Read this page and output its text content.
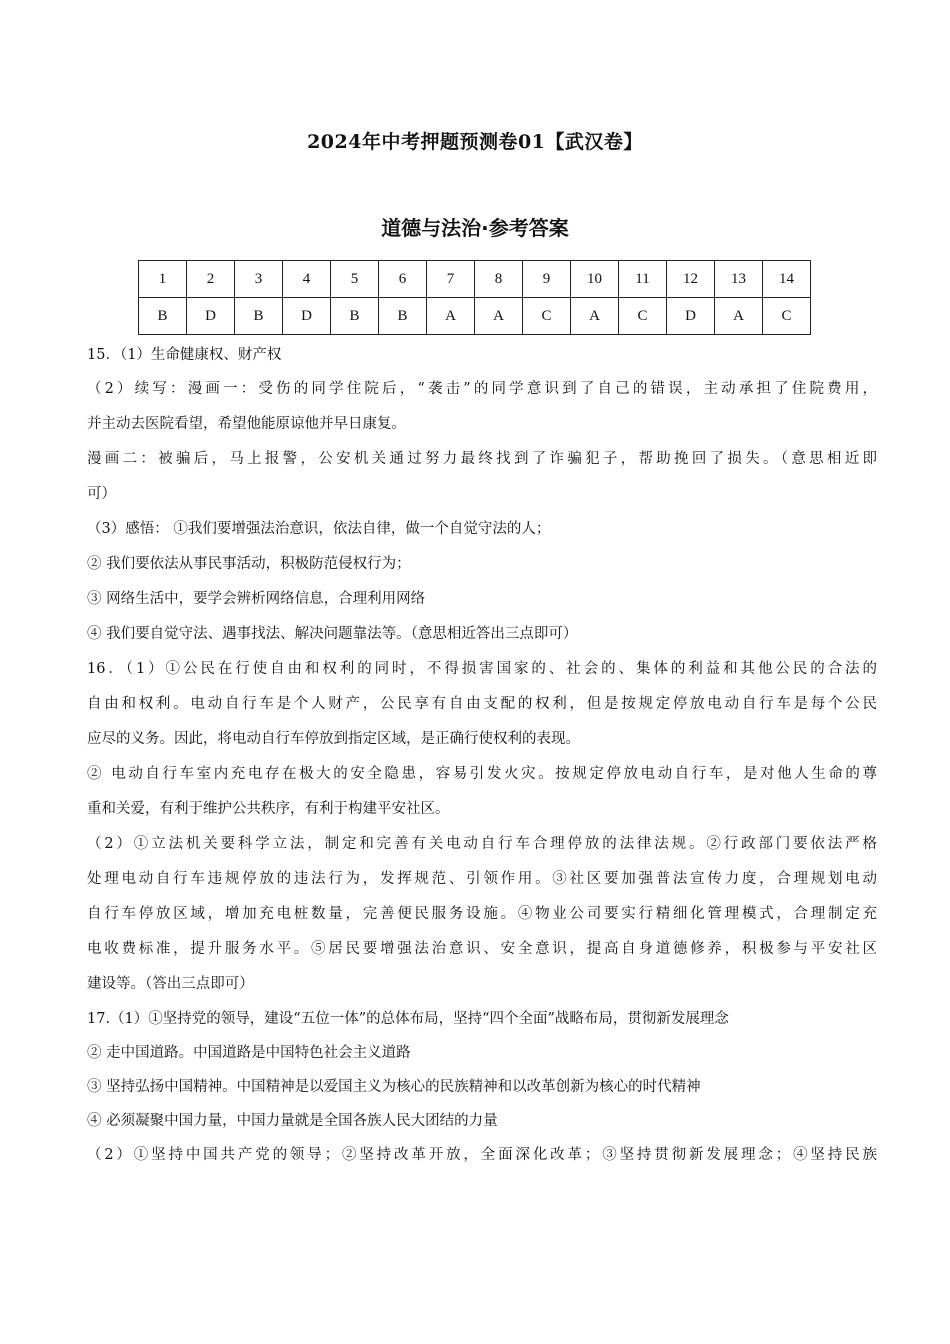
2024年中考押题预测卷01【武汉卷】
道德与法治·参考答案
1	2	3	4	5	6	7	8	9	10	11	12	13	14
B	D	B	D	B	B	A	A	C	A	C	D	A	C
15．（1）生命健康权、财产权
（2）续写：漫画一：受伤的同学住院后，“袭击”的同学意识到了自己的错误，主动承担了住院费用，
并主动去医院看望，希望他能原谅他并早日康复。
漫画二：被骗后，马上报警，公安机关通过努力最终找到了诈骗犯子，帮助挽回了损失。（意思相近即
可）
（3）感悟： ①我们要增强法治意识，依法自律，做一个自觉守法的人；
② 我们要依法从事民事活动，积极防范侵权行为；
③ 网络生活中，要学会辨析网络信息，合理利用网络
④ 我们要自觉守法、遇事找法、解决问题靠法等。（意思相近答出三点即可）
16．（1）①公民在行使自由和权利的同时，不得损害国家的、社会的、集体的利益和其他公民的合法的
自由和权利。电动自行车是个人财产，公民享有自由支配的权利，但是按规定停放电动自行车是每个公民
应尽的义务。因此，将电动自行车停放到指定区域，是正确行使权利的表现。
② 电动自行车室内充电存在极大的安全隐患，容易引发火灾。按规定停放电动自行车，是对他人生命的尊
重和关爱，有利于维护公共秩序，有利于构建平安社区。
（2）①立法机关要科学立法，制定和完善有关电动自行车合理停放的法律法规。②行政部门要依法严格
处理电动自行车违规停放的违法行为，发挥规范、引领作用。③社区要加强普法宣传力度，合理规划电动
自行车停放区域，增加充电桩数量，完善便民服务设施。④物业公司要实行精细化管理模式，合理制定充
电收费标准，提升服务水平。⑤居民要增强法治意识、安全意识，提高自身道德修养，积极参与平安社区
建设等。（答出三点即可）
17.（1）①坚持党的领导，建设“五位一体”的总体布局，坚持“四个全面”战略布局，贯彻新发展理念
② 走中国道路。中国道路是中国特色社会主义道路
③ 坚持弘扬中国精神。中国精神是以爱国主义为核心的民族精神和以改革创新为核心的时代精神
④ 必须凝聚中国力量，中国力量就是全国各族人民大团结的力量
（2）①坚持中国共产党的领导；②坚持改革开放，全面深化改革；③坚持贯彻新发展理念；④坚持民族
